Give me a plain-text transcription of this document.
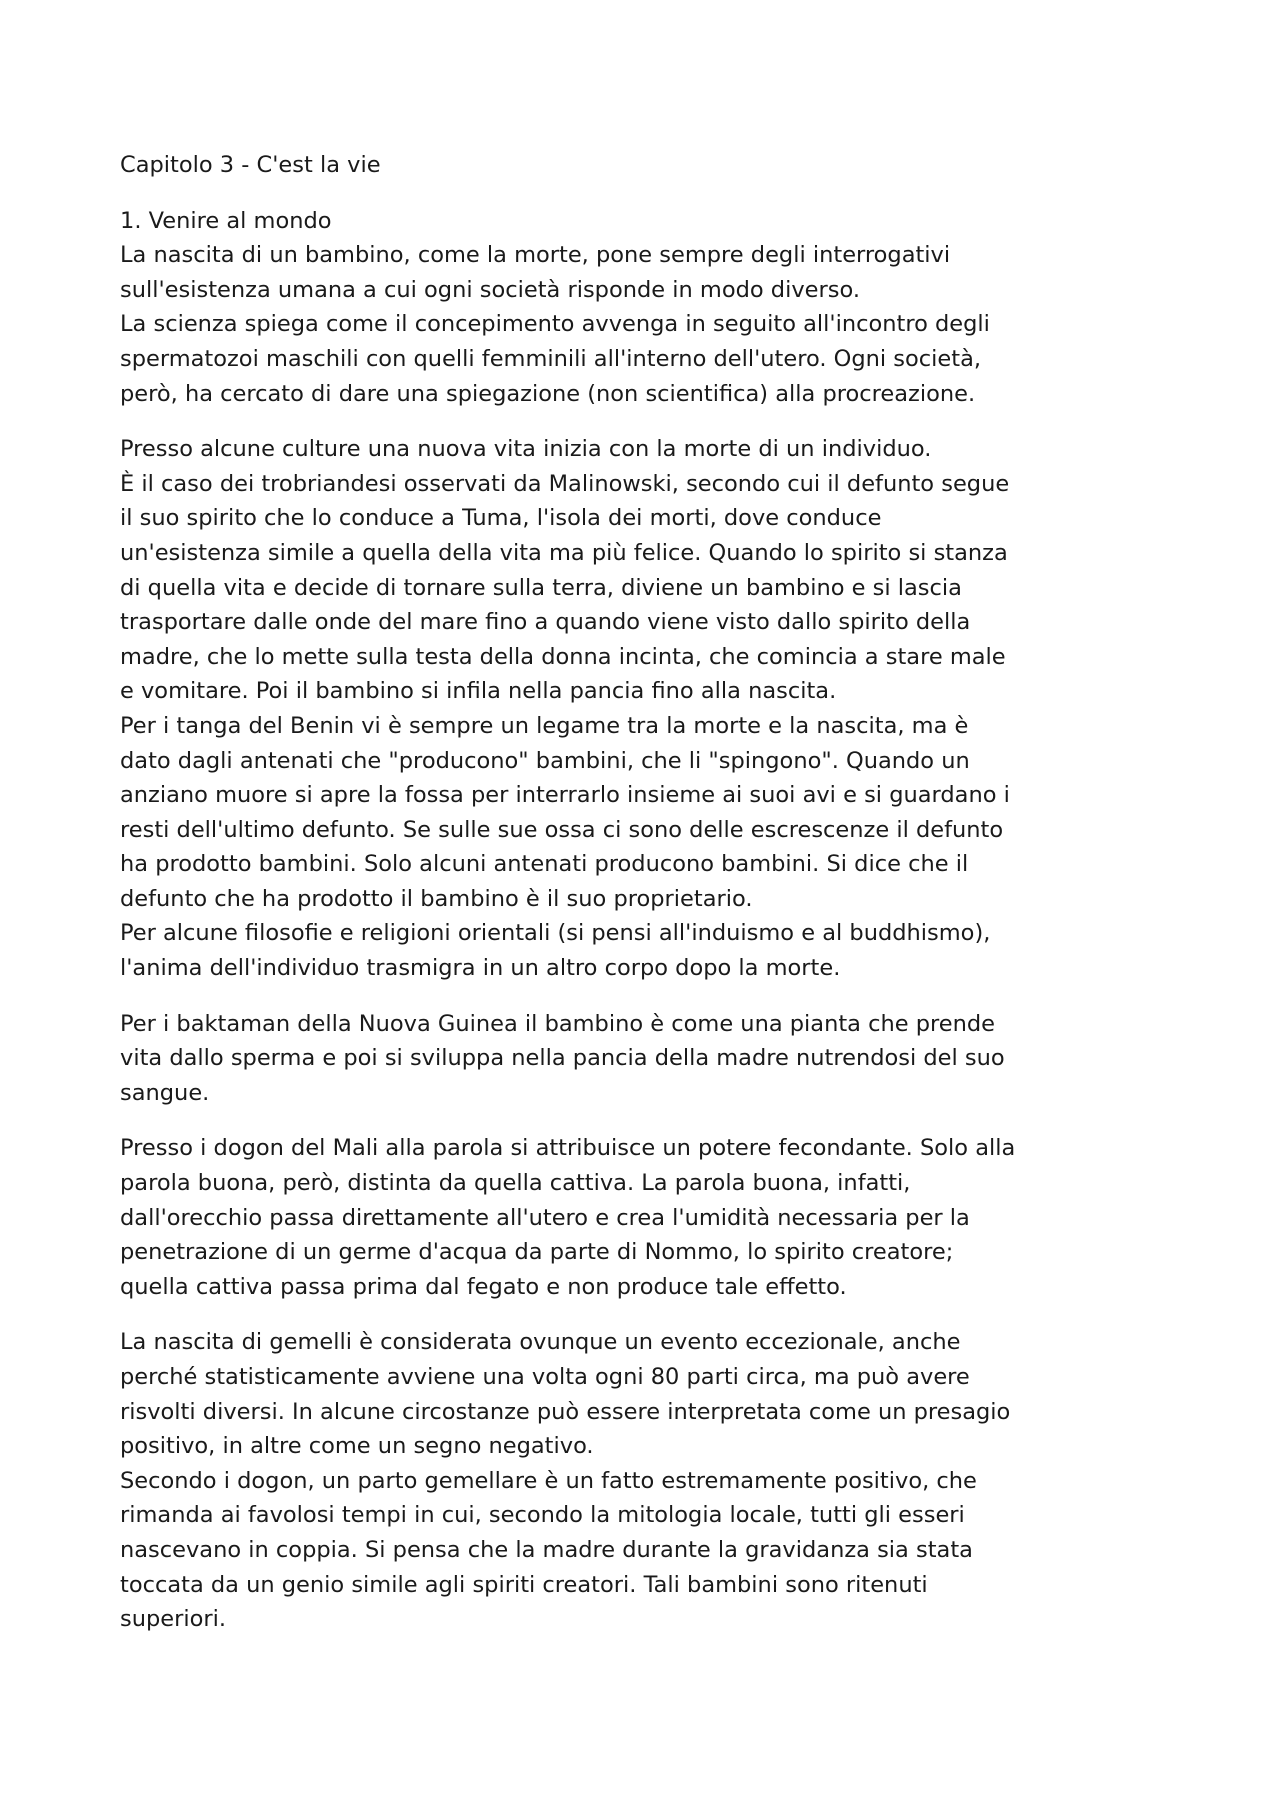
Capitolo 3 - C'est la vie

1. Venire al mondo
La nascita di un bambino, come la morte, pone sempre degli interrogativi
sull'esistenza umana a cui ogni società risponde in modo diverso.
La scienza spiega come il concepimento avvenga in seguito all'incontro degli
spermatozoi maschili con quelli femminili all'interno dell'utero. Ogni società,
però, ha cercato di dare una spiegazione (non scientifica) alla procreazione.

Presso alcune culture una nuova vita inizia con la morte di un individuo.
È il caso dei trobriandesi osservati da Malinowski, secondo cui il defunto segue
il suo spirito che lo conduce a Tuma, l'isola dei morti, dove conduce
un'esistenza simile a quella della vita ma più felice. Quando lo spirito si stanza
di quella vita e decide di tornare sulla terra, diviene un bambino e si lascia
trasportare dalle onde del mare fino a quando viene visto dallo spirito della
madre, che lo mette sulla testa della donna incinta, che comincia a stare male
e vomitare. Poi il bambino si infila nella pancia fino alla nascita.
Per i tanga del Benin vi è sempre un legame tra la morte e la nascita, ma è
dato dagli antenati che "producono" bambini, che li "spingono". Quando un
anziano muore si apre la fossa per interrarlo insieme ai suoi avi e si guardano i
resti dell'ultimo defunto. Se sulle sue ossa ci sono delle escrescenze il defunto
ha prodotto bambini. Solo alcuni antenati producono bambini. Si dice che il
defunto che ha prodotto il bambino è il suo proprietario.
Per alcune filosofie e religioni orientali (si pensi all'induismo e al buddhismo),
l'anima dell'individuo trasmigra in un altro corpo dopo la morte.

Per i baktaman della Nuova Guinea il bambino è come una pianta che prende
vita dallo sperma e poi si sviluppa nella pancia della madre nutrendosi del suo
sangue.

Presso i dogon del Mali alla parola si attribuisce un potere fecondante. Solo alla
parola buona, però, distinta da quella cattiva. La parola buona, infatti,
dall'orecchio passa direttamente all'utero e crea l'umidità necessaria per la
penetrazione di un germe d'acqua da parte di Nommo, lo spirito creatore;
quella cattiva passa prima dal fegato e non produce tale effetto.

La nascita di gemelli è considerata ovunque un evento eccezionale, anche
perché statisticamente avviene una volta ogni 80 parti circa, ma può avere
risvolti diversi. In alcune circostanze può essere interpretata come un presagio
positivo, in altre come un segno negativo.
Secondo i dogon, un parto gemellare è un fatto estremamente positivo, che
rimanda ai favolosi tempi in cui, secondo la mitologia locale, tutti gli esseri
nascevano in coppia. Si pensa che la madre durante la gravidanza sia stata
toccata da un genio simile agli spiriti creatori. Tali bambini sono ritenuti
superiori.
